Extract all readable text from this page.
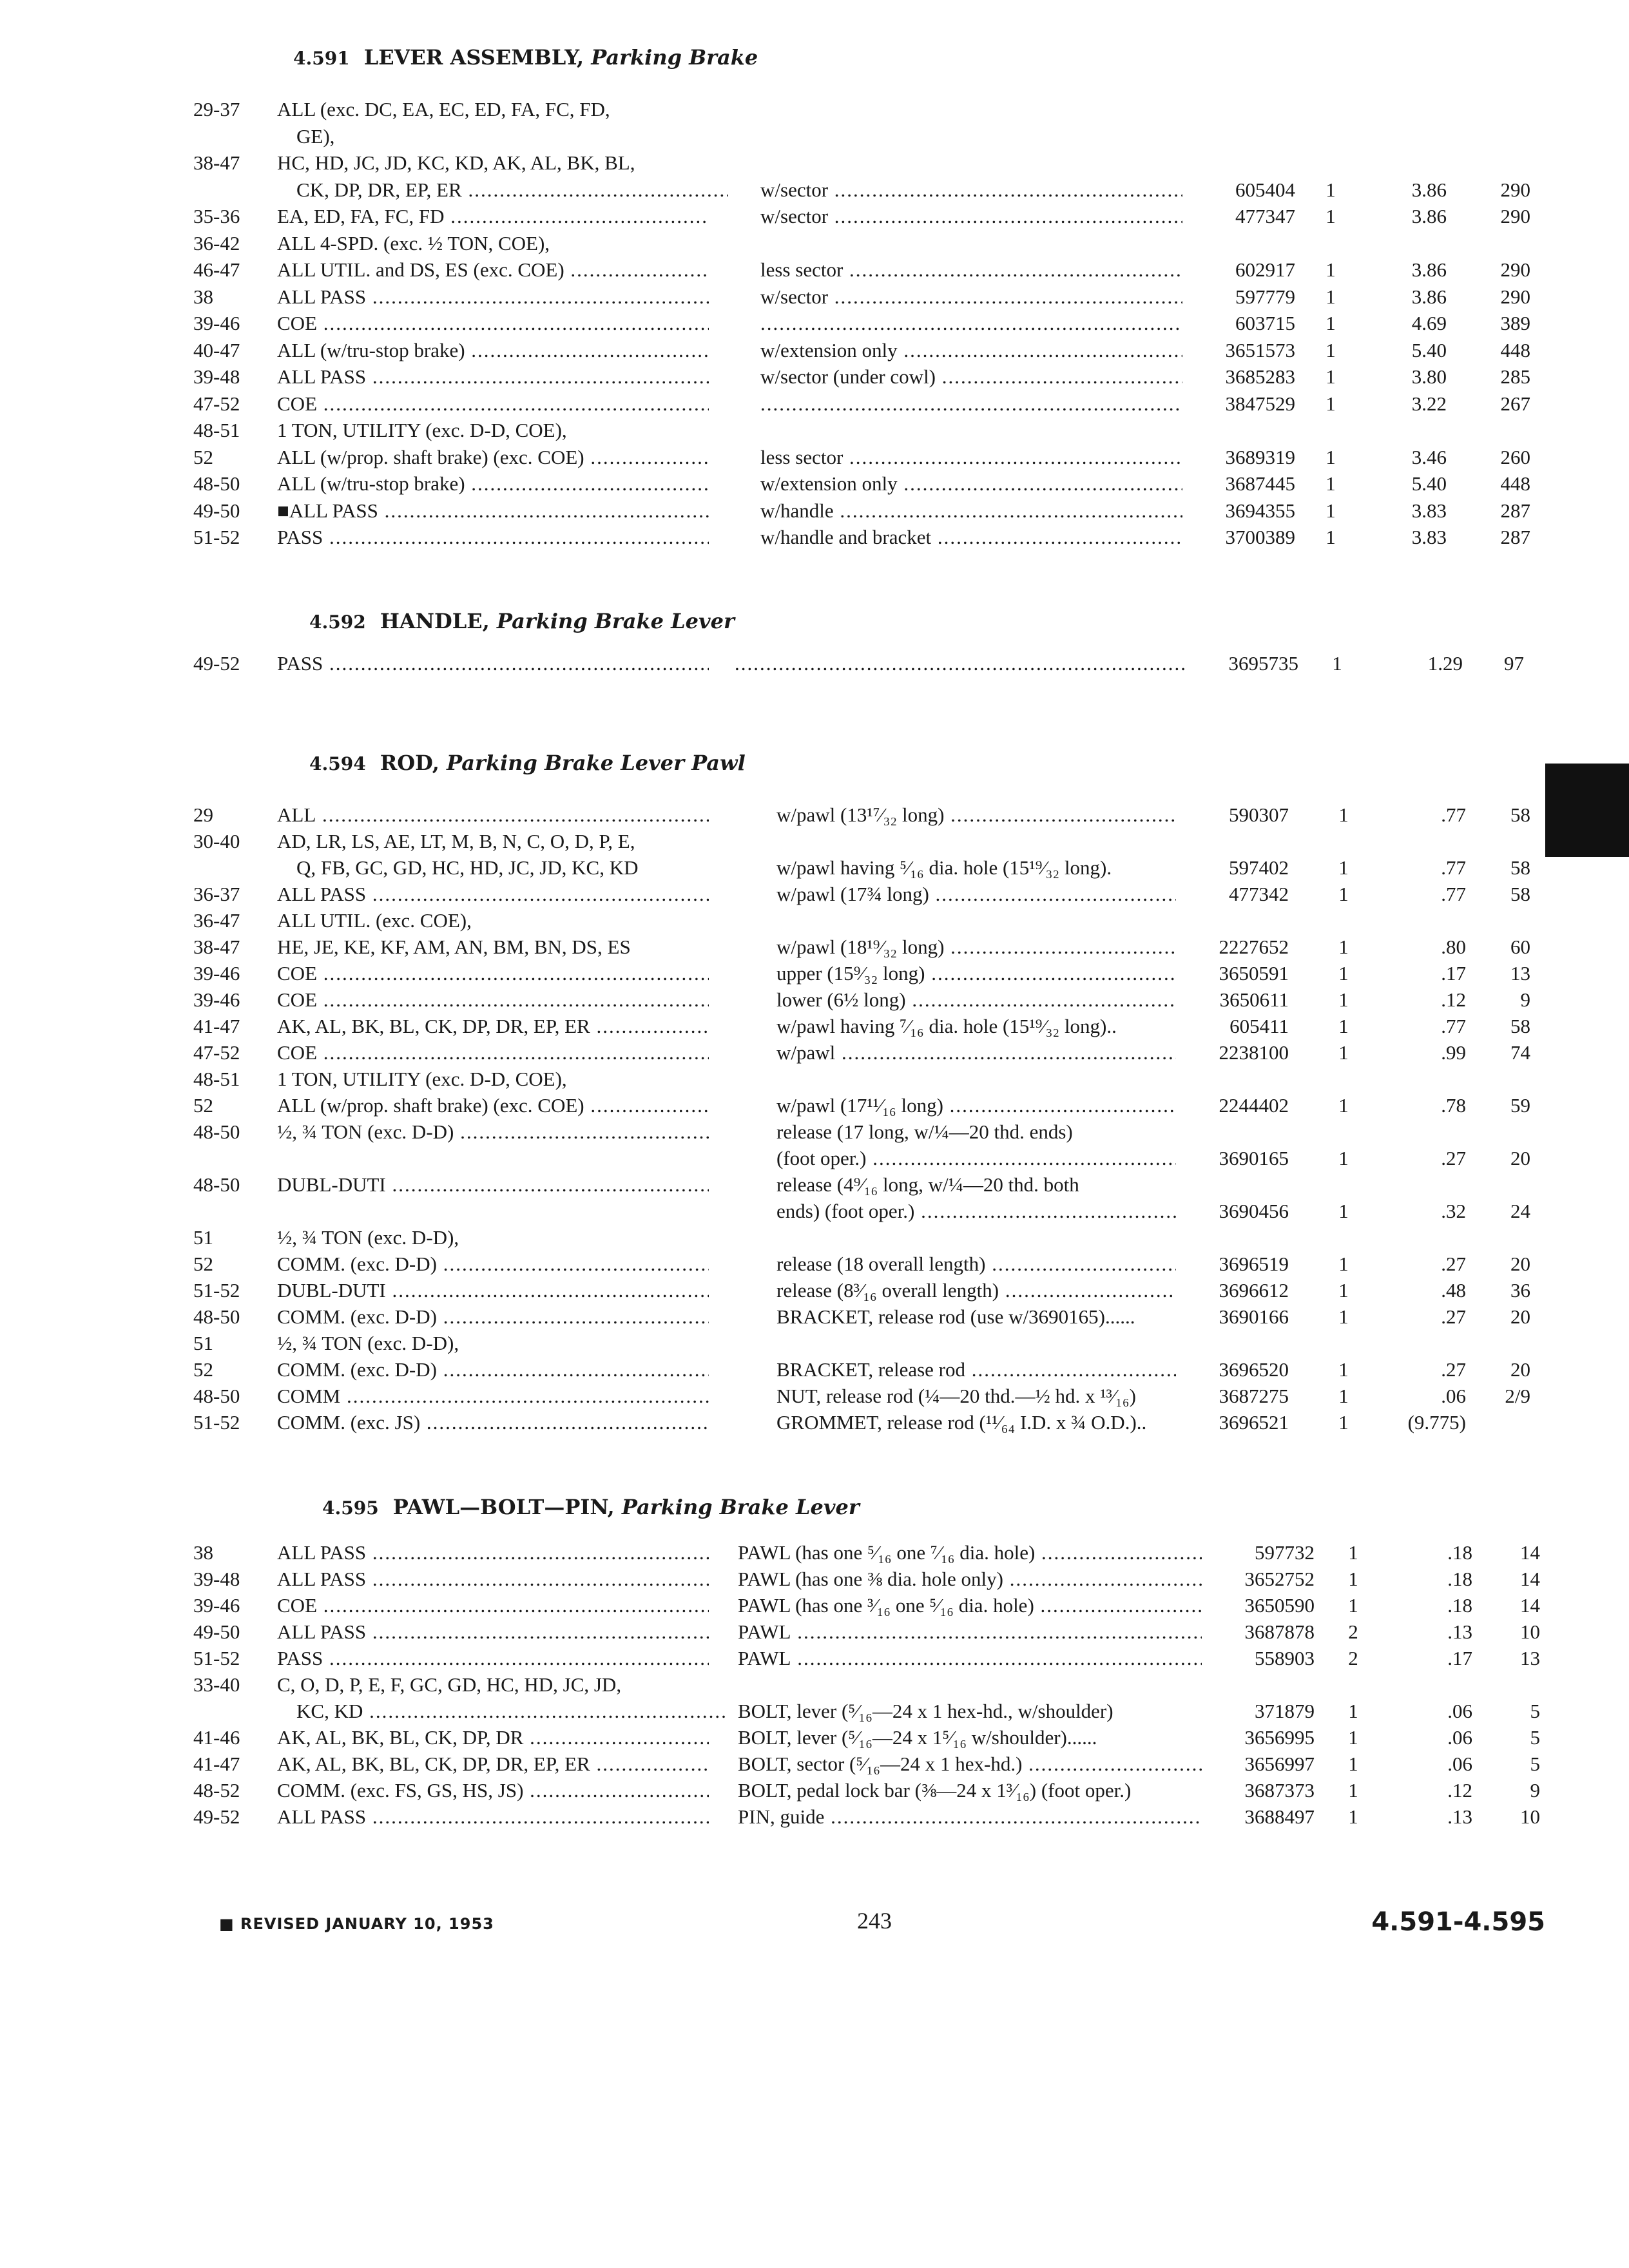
4.591 LEVER ASSEMBLY, Parking Brake
29-37	ALL (exc. DC, EA, EC, ED, FA, FC, FD,
GE),
38-47	HC, HD, JC, JD, KC, KD, AK, AL, BK, BL,
CK, DP, DR, EP, ER .....	w/sector .....	605404	1	3.86	290
35-36	EA, ED, FA, FC, FD .....	w/sector .....	477347	1	3.86	290
36-42	ALL 4-SPD. (exc. ½ TON, COE),
46-47	ALL UTIL. and DS, ES (exc. COE) .....	less sector .....	602917	1	3.86	290
38	ALL PASS .....	w/sector .....	597779	1	3.86	290
39-46	COE ..... .....	603715	1	4.69	389
40-47	ALL (w/tru-stop brake) .....	w/extension only .....	3651573	1	5.40	448
39-48	ALL PASS .....	w/sector (under cowl) .....	3685283	1	3.80	285
47-52	COE ..... .....	3847529	1	3.22	267
48-51	1 TON, UTILITY (exc. D-D, COE),
52	ALL (w/prop. shaft brake) (exc. COE) .....	less sector .....	3689319	1	3.46	260
48-50	ALL (w/tru-stop brake) .....	w/extension only .....	3687445	1	5.40	448
49-50	■ALL PASS .....	w/handle .....	3694355	1	3.83	287
51-52	PASS .....	w/handle and bracket .....	3700389	1	3.83	287
4.592 HANDLE, Parking Brake Lever
49-52	PASS ..... .....	3695735	1	1.29	97
4.594 ROD, Parking Brake Lever Pawl
29	ALL .....	w/pawl (13¹⁷⁄₃₂ long) .....	590307	1	.77	58
30-40	AD, LR, LS, AE, LT, M, B, N, C, O, D, P, E,
Q, FB, GC, GD, HC, HD, JC, JD, KC, KD	w/pawl having ⁵⁄₁₆ dia. hole (15¹⁹⁄₃₂ long).	597402	1	.77	58
36-37	ALL PASS .....	w/pawl (17¾ long) .....	477342	1	.77	58
36-47	ALL UTIL. (exc. COE),
38-47	HE, JE, KE, KF, AM, AN, BM, BN, DS, ES	w/pawl (18¹⁹⁄₃₂ long) .....	2227652	1	.80	60
39-46	COE .....	upper (15⁹⁄₃₂ long) .....	3650591	1	.17	13
39-46	COE .....	lower (6½ long) .....	3650611	1	.12	9
41-47	AK, AL, BK, BL, CK, DP, DR, EP, ER .....	w/pawl having ⁷⁄₁₆ dia. hole (15¹⁹⁄₃₂ long)..	605411	1	.77	58
47-52	COE .....	w/pawl .....	2238100	1	.99	74
48-51	1 TON, UTILITY (exc. D-D, COE),
52	ALL (w/prop. shaft brake) (exc. COE) .....	w/pawl (17¹¹⁄₁₆ long) .....	2244402	1	.78	59
48-50	½, ¾ TON (exc. D-D) .....	release (17 long, w/¼—20 thd. ends)
(foot oper.) .....	3690165	1	.27	20
48-50	DUBL-DUTI .....	release (4⁹⁄₁₆ long, w/¼—20 thd. both
ends) (foot oper.) .....	3690456	1	.32	24
51	½, ¾ TON (exc. D-D),
52	COMM. (exc. D-D) .....	release (18 overall length) .....	3696519	1	.27	20
51-52	DUBL-DUTI .....	release (8³⁄₁₆ overall length) .....	3696612	1	.48	36
48-50	COMM. (exc. D-D) .....	BRACKET, release rod (use w/3690165)......	3690166	1	.27	20
51	½, ¾ TON (exc. D-D),
52	COMM. (exc. D-D) .....	BRACKET, release rod .....	3696520	1	.27	20
48-50	COMM .....	NUT, release rod (¼—20 thd.—½ hd. x ¹³⁄₁₆)	3687275	1	.06	2/9
51-52	COMM. (exc. JS) .....	GROMMET, release rod (¹¹⁄₆₄ I.D. x ¾ O.D.)..	3696521	1	(9.775)
4.595 PAWL—BOLT—PIN, Parking Brake Lever
38	ALL PASS .....	PAWL (has one ⁵⁄₁₆ one ⁷⁄₁₆ dia. hole) .....	597732	1	.18	14
39-48	ALL PASS .....	PAWL (has one ⅜ dia. hole only) .....	3652752	1	.18	14
39-46	COE .....	PAWL (has one ³⁄₁₆ one ⁵⁄₁₆ dia. hole) .....	3650590	1	.18	14
49-50	ALL PASS .....	PAWL .....	3687878	2	.13	10
51-52	PASS .....	PAWL .....	558903	2	.17	13
33-40	C, O, D, P, E, F, GC, GD, HC, HD, JC, JD,
KC, KD .....	BOLT, lever (⁵⁄₁₆—24 x 1 hex-hd., w/shoulder)	371879	1	.06	5
41-46	AK, AL, BK, BL, CK, DP, DR .....	BOLT, lever (⁵⁄₁₆—24 x 1⁵⁄₁₆ w/shoulder)......	3656995	1	.06	5
41-47	AK, AL, BK, BL, CK, DP, DR, EP, ER .....	BOLT, sector (⁵⁄₁₆—24 x 1 hex-hd.) .....	3656997	1	.06	5
48-52	COMM. (exc. FS, GS, HS, JS) .....	BOLT, pedal lock bar (⅜—24 x 1³⁄₁₆) (foot oper.)	3687373	1	.12	9
49-52	ALL PASS .....	PIN, guide .....	3688497	1	.13	10
■ REVISED JANUARY 10, 1953	243	4.591-4.595
